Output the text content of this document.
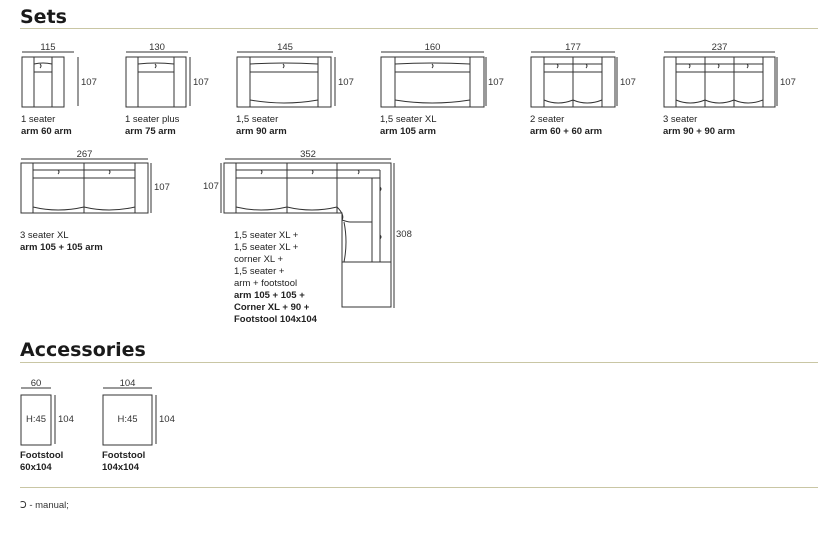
Sets
115
107
1 seater
arm 60 arm
130
107
1 seater plus
arm 75 arm
145
107
1,5 seater
arm 90 arm
160
107
1,5 seater XL
arm 105 arm
177
107
2 seater
arm 60 + 60 arm
237
107
3 seater
arm 90 + 90 arm
267
107
3 seater XL
arm 105 + 105 arm
352
107
308
1,5 seater XL +
1,5 seater XL +
corner XL +
1,5 seater +
arm + footstool
arm 105 + 105 +
Corner XL + 90 +
Footstool 104x104
Accessories
60
H:45	104
Footstool
60x104
104
H:45	104
Footstool
104x104
Ↄ - manual;
